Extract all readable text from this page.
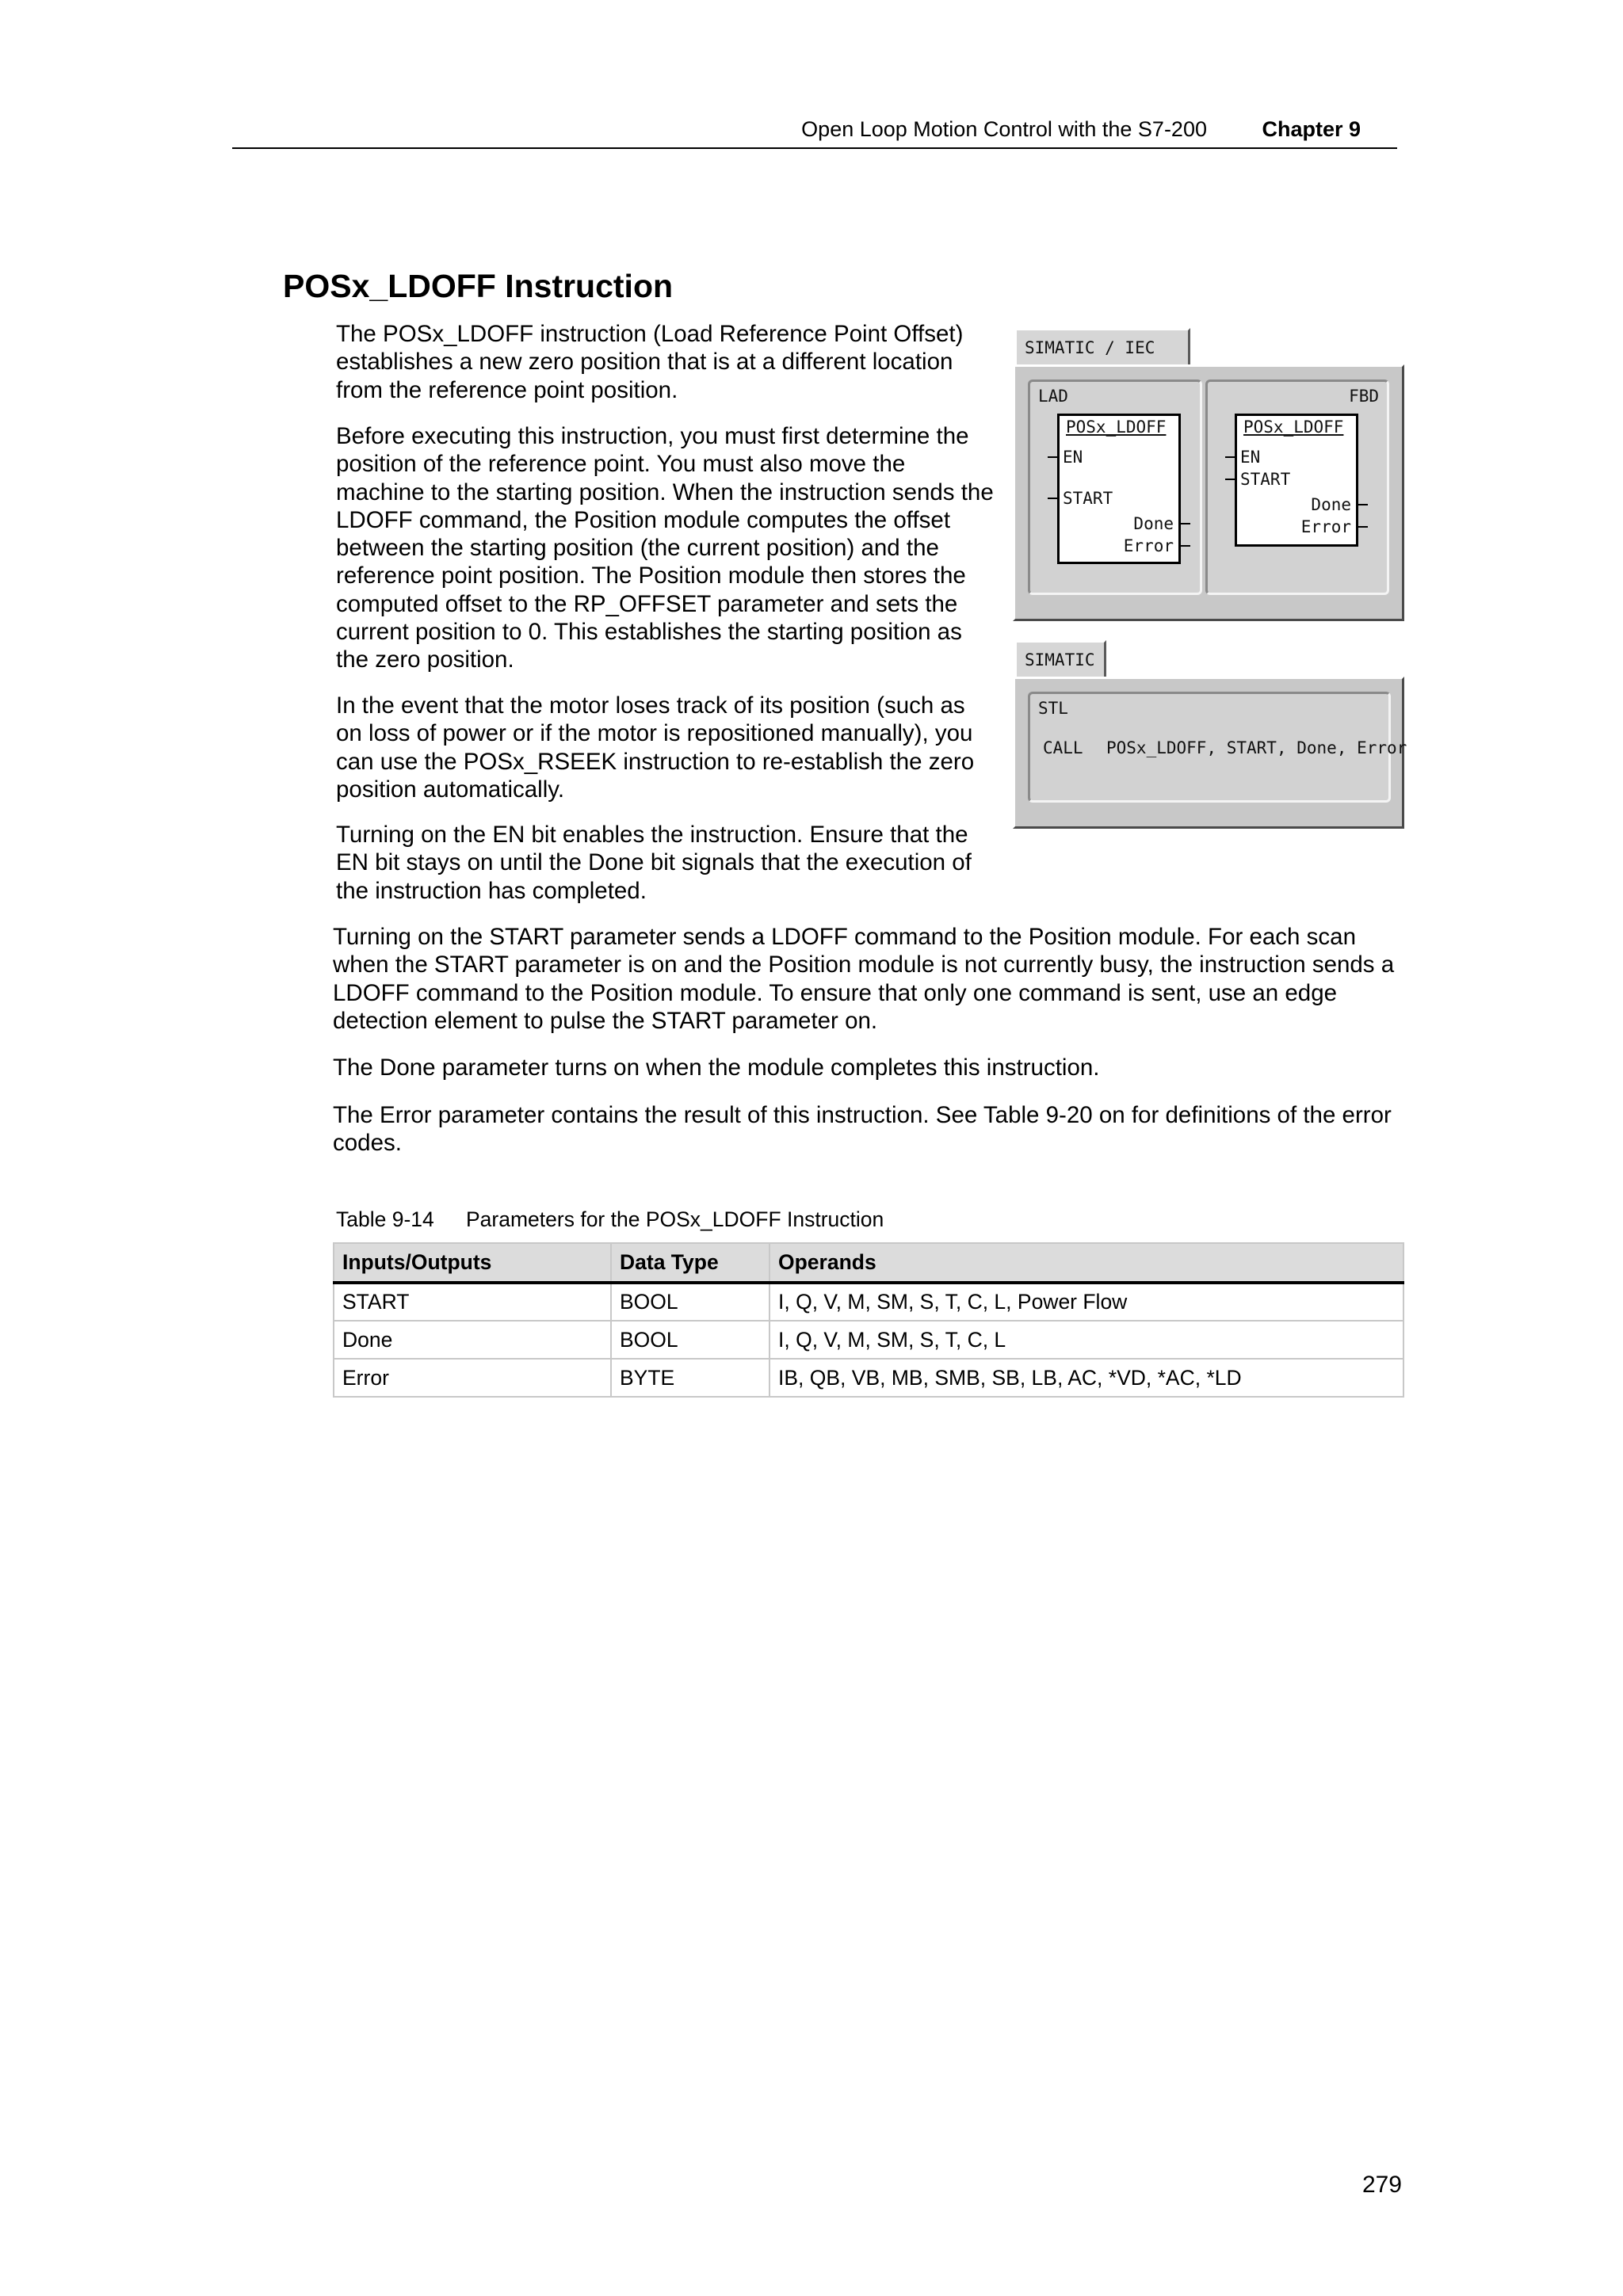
Open Loop Motion Control with the S7-200	Chapter 9
POSx_LDOFF Instruction

The POSx_LDOFF instruction (Load Reference Point Offset) establishes a new zero position that is at a different location from the reference point position.

Before executing this instruction, you must first determine the position of the reference point. You must also move the machine to the starting position. When the instruction sends the LDOFF command, the Position module computes the offset between the starting position (the current position) and the reference point position. The Position module then stores the computed offset to the RP_OFFSET parameter and sets the current position to 0. This establishes the starting position as the zero position.

In the event that the motor loses track of its position (such as on loss of power or if the motor is repositioned manually), you can use the POSx_RSEEK instruction to re-establish the zero position automatically.

Turning on the EN bit enables the instruction. Ensure that the EN bit stays on until the Done bit signals that the execution of the instruction has completed.

Turning on the START parameter sends a LDOFF command to the Position module. For each scan when the START parameter is on and the Position module is not currently busy, the instruction sends a LDOFF command to the Position module. To ensure that only one command is sent, use an edge detection element to pulse the START parameter on.

The Done parameter turns on when the module completes this instruction.

The Error parameter contains the result of this instruction. See Table 9-20 on for definitions of the error codes.

SIMATIC / IEC
LAD
POSx_LDOFF
EN
START
Done
Error
FBD
POSx_LDOFF
EN
START
Done
Error
SIMATIC
STL
CALL POSx_LDOFF, START, Done, Error
Table 9-14 Parameters for the POSx_LDOFF Instruction
Inputs/Outputs	Data Type	Operands
START	BOOL	I, Q, V, M, SM, S, T, C, L, Power Flow
Done	BOOL	I, Q, V, M, SM, S, T, C, L
Error	BYTE	IB, QB, VB, MB, SMB, SB, LB, AC, *VD, *AC, *LD
279
